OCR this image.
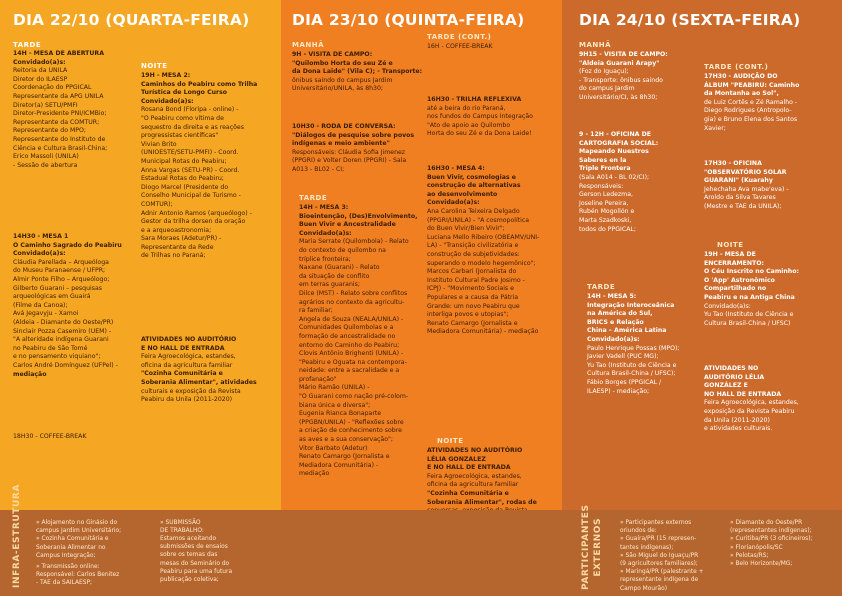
DIA 22/10 (QUARTA-FEIRA)
TARDE
14H - MESA DE ABERTURA
Convidado(a)s:
Reitoria da UNILA
Diretor do ILAESP
Coordenação do PPGICAL
Representante da APG UNILA
Diretor(a) SETU/PMFI
Diretor-Presidente PNI/ICMBio;
Representante da COMTUR;
Representante do MPO;
Representante do Instituto de
Ciência e Cultura Brasil-China;
Erico Massoli (UNILA)
- Sessão de abertura
14H30 - MESA 1
O Caminho Sagrado do Peabiru
Convidado(a)s:
Cláudia Parellada – Arqueóloga
do Museu Paranaense / UFPR;
Almir Ponte Filho – Arqueólogo;
Gilberto Guarani – pesquisas
arqueológicas em Guairá
(Filme da Canoa);
Avá Jegavyju - Xamoi
(Aldeia - Diamante do Oeste/PR)
Sinclair Pozza Casemiro (UEM) -
"A alteridade indígena Guarani
no Peabiru de São Tomé
e no pensamento viquiano";
Carlos André Domínguez (UFPel) -
mediação
18H30 - COFFEE-BREAK
NOITE
19H - MESA 2:
Caminhos do Peabiru como Trilha
Turística de Longo Curso
Convidado(a)s:
Rosana Bond (Floripa - online) -
"O Peabiru como vítima de
sequestro da direita e as reações
progressistas científicas"
Vivian Brito
(UNIOESTE/SETU-PMFI) - Coord.
Municipal Rotas do Peabiru;
Anna Vargas (SETU-PR) - Coord.
Estadual Rotas do Peabiru;
Diogo Marcel (Presidente do
Conselho Municipal de Turismo -
COMTUR);
Adnir Antonio Ramos (arqueólogo) -
Gestor da trilha dorsen da oração
e a arqueoastronomia;
Sara Moraes (Adetur/PR) -
Representante da Rede
de Trilhas no Paraná;
ATIVIDADES NO AUDITÓRIO
E NO HALL DE ENTRADA
Feira Agroecológica, estandes,
oficina da agricultura familiar
"Cozinha Comunitária e
Soberania Alimentar", atividades
culturais e exposição da Revista
Peabiru da Unila (2011-2020)
DIA 23/10 (QUINTA-FEIRA)
MANHÃ
9H - VISITA DE CAMPO:
"Quilombo Horta do seu Zé e
da Dona Laide" (Vila C); - Transporte:
ônibus saindo do campus Jardim
Universitário/UNILA, às 8h30;
10H30 - RODA DE CONVERSA:
"Diálogos de pesquise sobre povos
indígenas e meio ambiente"
Responsáveis: Cláudia Sofia Jimenez
(PPGRI) e Volter Doren (PPGRI) - Sala
A013 - BL02 - CI;
TARDE
14H - MESA 3:
Bioeintenção, (Des)Envolvimento,
Buen Vivir e Ancestralidade
Convidado(a)s:
Maria Serrate (Quilombola) - Relato
do contexto de quilombo na
tríplice fronteira;
Naxane (Guarani) - Relato
da situação de conflito
em terras guaranis;
Dilce (MST) - Relato sobre conflitos
agrários no contexto da agricultu-
ra familiar;
Angela de Souza (NEALA/UNILA) -
Comunidades Quilombolas e a
formação de ancestralidade no
entorno do Caminho do Peabiru;
Clovis Antônio Brighenti (UNILA) -
"Peabiru e Oguata na contempora-
neidade: entre a sacralidade e a
profanação"
Mário Ramão (UNILA) -
"O Guarani como nação pré-colom-
biana única e diversa";
Eugenia Rianca Bonaparte
(PPGBN/UNILA) - "Reflexões sobre
a criação de conhecimento sobre
as aves e a sua conservação";
Vitor Barbato (Adetur)
Renato Camargo (Jornalista e
Mediadora Comunitária) -
mediação
TARDE (CONT.)
16H - COFFEE-BREAK
16H30 - TRILHA REFLEXIVA
até a beira do rio Paraná,
nos fundos do Campus Integração
"Ato de apoio ao Quilombo
Horta do seu Zé e da Dona Laide!
16H30 - MESA 4:
Buen Vivir, cosmologias e
construção de alternativas
ao desenvolvimento
Convidado(a)s:
Ana Carolina Teixeira Delgado
(PPGRI/UNILA) - "A cosmopolítica
do Buen Vivir/Bien Vivir";
Luciana Mello Ribeiro (OBEAMV/UNI-
LA) - "Transição civilizatória e
construção de subjetividades:
superando o modelo hegemônico";
Marcos Carbari (Jornalista do
Instituto Cultural Padre Josimo -
ICPJ) - "Movimento Sociais e
Populares e a causa da Pátria
Grande: um novo Peabiru que
interliga povos e utopias";
Renato Camargo (Jornalista e
Mediadora Comunitária) - mediação
NOITE
ATIVIDADES NO AUDITÓRIO
LÉLIA GONZALEZ
E NO HALL DE ENTRADA
Feira Agroecológica, estandes,
oficina da agricultura familiar
"Cozinha Comunitária e
Soberania Alimentar", rodas de
DIA 24/10 (SEXTA-FEIRA)
MANHÃ
9H15 - VISITA DE CAMPO:
"Aldeia Guarani Arapy"
(Foz do Iguaçu);
- Transporte: ônibus saindo
do campus Jardim
Universitário/CI, às 8h30;
9 - 12H - OFICINA DE
CARTOGRAFIA SOCIAL:
Mapeando Nuestros
Saberes en la
Triple Frontera
(Sala A014 - BL 02/CI);
Responsáveis:
Gerson Ledezma,
Joseline Pereira,
Rubén Mogollón e
Marta Szadkoski,
todos do PPGICAL;
TARDE
14H - MESA 5:
Integração Interoceânica
na América do Sul,
BRICS e Relação
China – América Latina
Convidado(a)s:
Paulo Henrique Possas (MPO);
Javier Vadell (PUC MG);
Yu Tao (Instituto de Ciência e
Cultura Brasil-China / UFSC);
Fábio Borges (PPGICAL /
ILAESP) - mediação;
TARDE (CONT.)
17H30 - AUDIÇÃO DO
ÁLBUM "PEABIRU: Caminho
da Montanha ao Sol",
de Luiz Cortês e Zé Ramalho -
Diego Rodrigues (Antropolo-
gia) e Bruno Elena dos Santos
Xavier;
17H30 - OFICINA
"OBSERVATÓRIO SOLAR
GUARANI" (Kuarahy
Jehechaha Ava mabe'eva) -
Aroldo da Silva Tavares
(Mestre e TAE da UNILA);
NOITE
19H - MESA DE
ENCERRAMENTO:
O Céu Inscrito no Caminho:
O 'App' Astronômico
Compartilhado no
Peabiru e na Antiga China
Convidado(a)s:
Yu Tao (Instituto de Ciência e
Cultura Brasil-China / UFSC)
ATIVIDADES NO
AUDITÓRIO LÉLIA
GONZÁLEZ E
NO HALL DE ENTRADA
Feira Agroecológica, estandes,
exposição da Revista Peabiru
da Unila (2011-2020)
e atividades culturais.
INFRA-ESTRUTURA » Alojamento no Ginásio do
campus Jardim Universitário;
» Cozinha Comunitária e
Soberania Alimentar no
Campus Integração;
» Transmissão online:
Responsável: Carlos Benitez
- TAE da SAILAESP;
» SUBMISSÃO
DE TRABALHO:
Estamos aceitando
submissões de ensaios
sobre os temas das
mesas do Seminário do
Peabiru para uma futura
publicação coletiva;	PARTICIPANTES EXTERNOS	» Participantes externos
oriundos de:
» Guaíra/PR (15 represen-
tantes indígenas);
» São Miguel do Iguaçu/PR
(9 agricultores familiares);
» Maringá/PR (palestrante +
representante indígena de
Campo Mourão)
» Diamante do Oeste/PR
(representantes indígenas);
» Curitiba/PR (3 oficineiros);
» Florianópolis/SC
» Pelotas/RS;
» Belo Horizonte/MG;
